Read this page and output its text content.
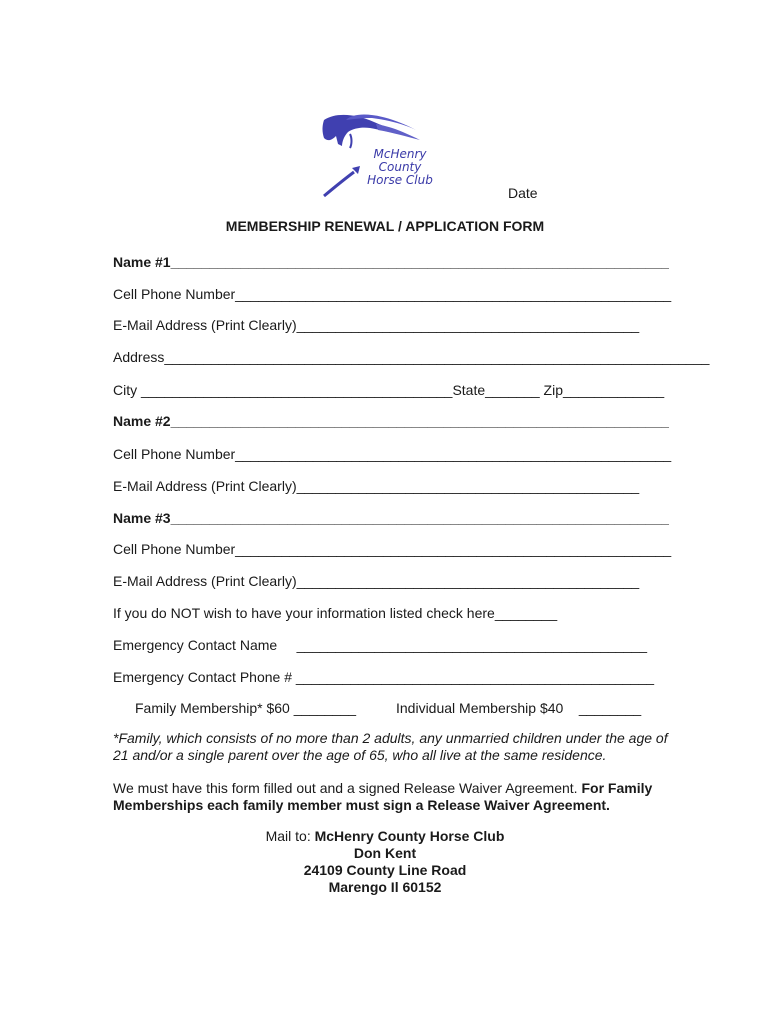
McHenry
County
Horse Club
Date
MEMBERSHIP RENEWAL / APPLICATION FORM
Name #1________________________________________________________________
Cell Phone Number________________________________________________________
E-Mail Address (Print Clearly)____________________________________________
Address______________________________________________________________________
City ________________________________________State_______ Zip_____________
Name #2________________________________________________________________
Cell Phone Number________________________________________________________
E-Mail Address (Print Clearly)____________________________________________
Name #3________________________________________________________________
Cell Phone Number________________________________________________________
E-Mail Address (Print Clearly)____________________________________________
If you do NOT wish to have your information listed check here________
Emergency Contact Name     _____________________________________________
Emergency Contact Phone # ______________________________________________
Family Membership* $60 ________	Individual Membership $40    ________
*Family, which consists of no more than 2 adults, any unmarried children under the age of 21 and/or a single parent over the age of 65, who all live at the same residence.
We must have this form filled out and a signed Release Waiver Agreement. For Family Memberships each family member must sign a Release Waiver Agreement.
Mail to: McHenry County Horse Club
Don Kent
24109 County Line Road
Marengo Il 60152
